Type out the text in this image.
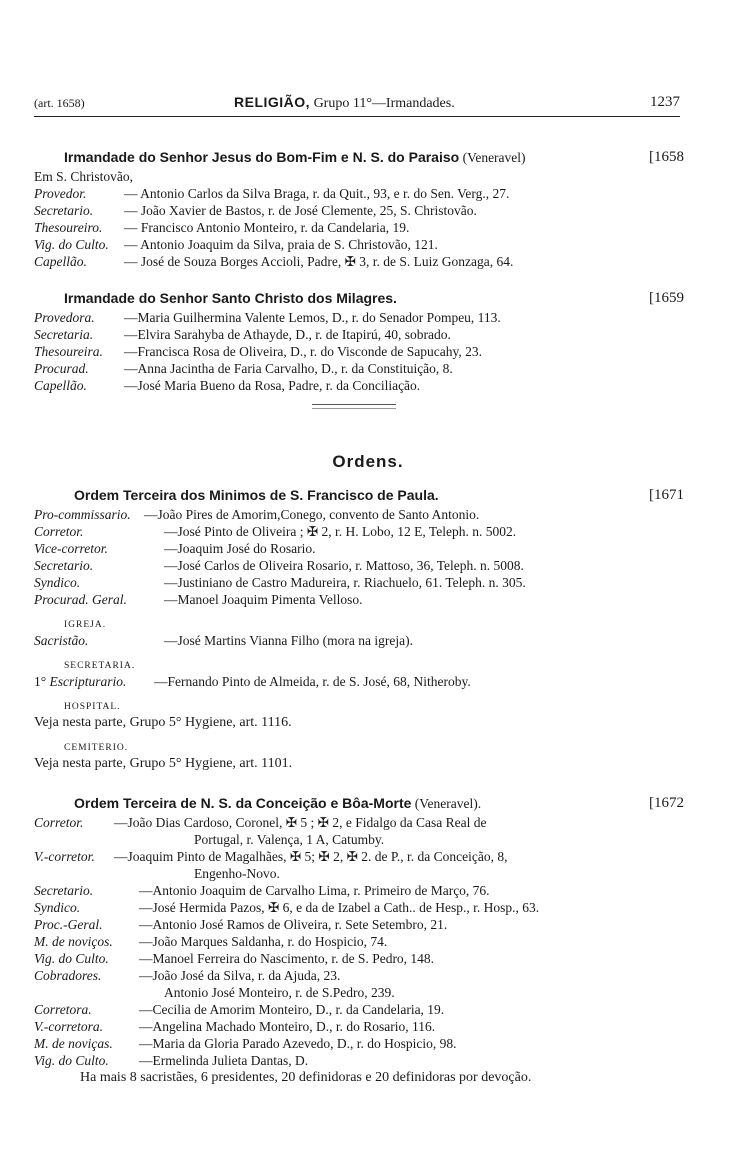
(art. 1658)	RELIGIÃO, Grupo 11°—Irmandades.	1237
Irmandade do Senhor Jesus do Bom-Fim e N. S. do Paraiso (Veneravel)	[1658
Em S. Christovão,
Provedor.	— Antonio Carlos da Silva Braga, r. da Quit., 93, e r. do Sen. Verg., 27.
Secretario. — João Xavier de Bastos, r. de José Clemente, 25, S. Christovão.
Thesoureiro. — Francisco Antonio Monteiro, r. da Candelaria, 19.
Vig. do Culto. — Antonio Joaquim da Silva, praia de S. Christovão, 121.
Capellão.	— José de Souza Borges Accioli, Padre, ✠ 3, r. de S. Luiz Gonzaga, 64.
Irmandade do Senhor Santo Christo dos Milagres.	[1659
Provedora. —Maria Guilhermina Valente Lemos, D., r. do Senador Pompeu, 113.
Secretaria. —Elvira Sarahyba de Athayde, D., r. de Itapirú, 40, sobrado.
Thesoureira. —Francisca Rosa de Oliveira, D., r. do Visconde de Sapucahy, 23.
Procurad.	—Anna Jacintha de Faria Carvalho, D., r. da Constituição, 8.
Capellão.	—José Maria Bueno da Rosa, Padre, r. da Conciliação.
Ordens.
Ordem Terceira dos Minimos de S. Francisco de Paula.	[1671
Pro-commissario. —João Pires de Amorim,Conego, convento de Santo Antonio.
Corretor.	—José Pinto de Oliveira ; ✠ 2, r. H. Lobo, 12 E, Teleph. n. 5002.
Vice-corretor.	—Joaquim José do Rosario.
Secretario.	—José Carlos de Oliveira Rosario, r. Mattoso, 36, Teleph. n. 5008.
Syndico.	—Justiniano de Castro Madureira, r. Riachuelo, 61. Teleph. n. 305.
Procurad. Geral.	—Manoel Joaquim Pimenta Velloso.
IGREJA.
Sacristão.	—José Martins Vianna Filho (mora na igreja).
SECRETARIA.
1° Escripturario. —Fernando Pinto de Almeida, r. de S. José, 68, Nitheroby.
HOSPITAL.
Veja nesta parte, Grupo 5° Hygiene, art. 1116.
CEMITERIO.
Veja nesta parte, Grupo 5° Hygiene, art. 1101.
Ordem Terceira de N. S. da Conceição e Bôa-Morte (Veneravel).	[1672
Corretor. —João Dias Cardoso, Coronel, ✠ 5 ; ✠ 2, e Fidalgo da Casa Real de
Portugal, r. Valença, 1 A, Catumby.
V.-corretor. —Joaquim Pinto de Magalhães, ✠ 5; ✠ 2, ✠ 2. de P., r. da Conceição, 8,
Engenho-Novo.
Secretario.	—Antonio Joaquim de Carvalho Lima, r. Primeiro de Março, 76.
Syndico.	—José Hermida Pazos, ✠ 6, e da de Izabel a Cath.. de Hesp., r. Hosp., 63.
Proc.-Geral.	—Antonio José Ramos de Oliveira, r. Sete Setembro, 21.
M. de noviços. —João Marques Saldanha, r. do Hospicio, 74.
Vig. do Culto. —Manoel Ferreira do Nascimento, r. de S. Pedro, 148.
Cobradores.	—João José da Silva, r. da Ajuda, 23.
Antonio José Monteiro, r. de S.Pedro, 239.
Corretora.	—Cecilia de Amorim Monteiro, D., r. da Candelaria, 19.
V.-corretora.	—Angelina Machado Monteiro, D., r. do Rosario, 116.
M. de noviças. —Maria da Gloria Parado Azevedo, D., r. do Hospicio, 98.
Vig. do Culto. —Ermelinda Julieta Dantas, D.
Ha mais 8 sacristães, 6 presidentes, 20 definidoras e 20 definidoras por devoção.
